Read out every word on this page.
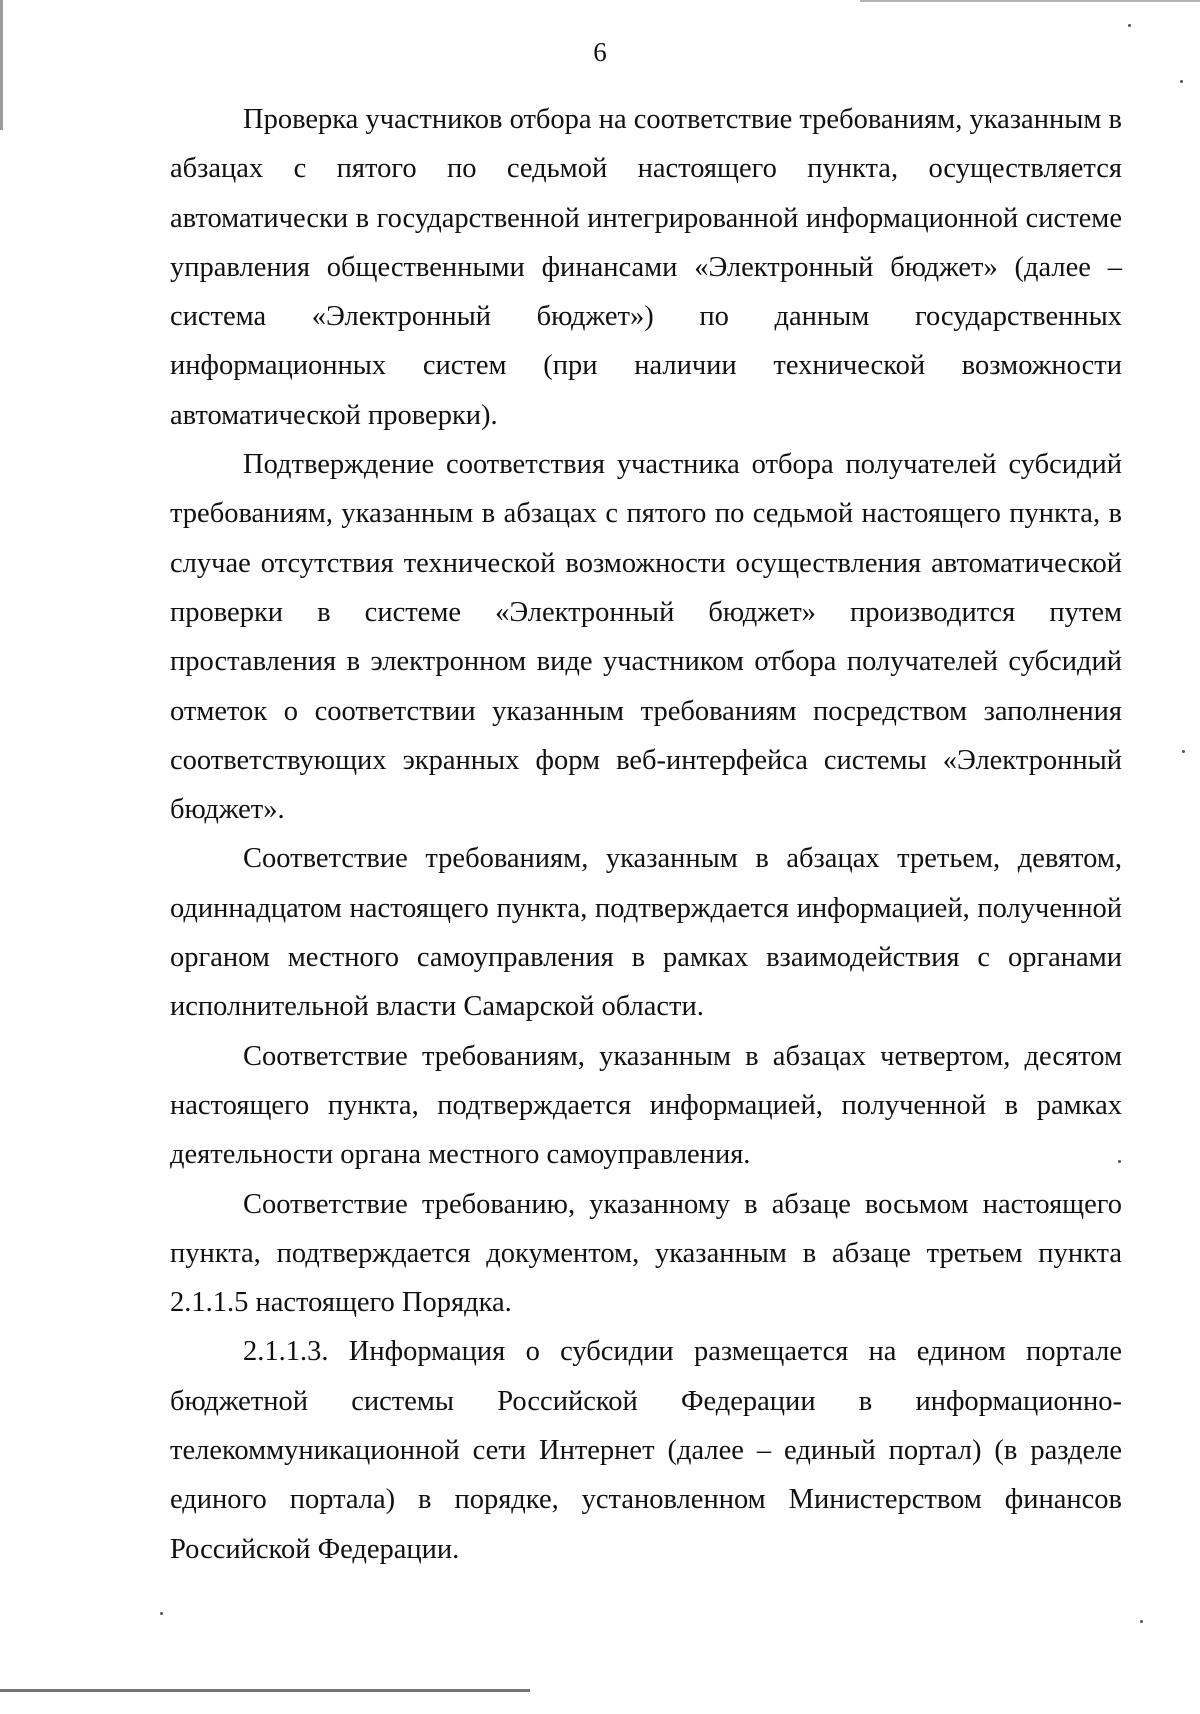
6

Проверка участников отбора на соответствие требованиям, указанным в абзацах с пятого по седьмой настоящего пункта, осуществляется автоматически в государственной интегрированной информационной системе управления общественными финансами «Электронный бюджет» (далее – система «Электронный бюджет») по данным государственных информационных систем (при наличии технической возможности автоматической проверки).

Подтверждение соответствия участника отбора получателей субсидий требованиям, указанным в абзацах с пятого по седьмой настоящего пункта, в случае отсутствия технической возможности осуществления автоматической проверки в системе «Электронный бюджет» производится путем проставления в электронном виде участником отбора получателей субсидий отметок о соответствии указанным требованиям посредством заполнения соответствующих экранных форм веб-интерфейса системы «Электронный бюджет».

Соответствие требованиям, указанным в абзацах третьем, девятом, одиннадцатом настоящего пункта, подтверждается информацией, полученной органом местного самоуправления в рамках взаимодействия с органами исполнительной власти Самарской области.

Соответствие требованиям, указанным в абзацах четвертом, десятом настоящего пункта, подтверждается информацией, полученной в рамках деятельности органа местного самоуправления.

Соответствие требованию, указанному в абзаце восьмом настоящего пункта, подтверждается документом, указанным в абзаце третьем пункта 2.1.1.5 настоящего Порядка.

2.1.1.3. Информация о субсидии размещается на едином портале бюджетной системы Российской Федерации в информационно-телекоммуникационной сети Интернет (далее – единый портал) (в разделе единого портала) в порядке, установленном Министерством финансов Российской Федерации.
